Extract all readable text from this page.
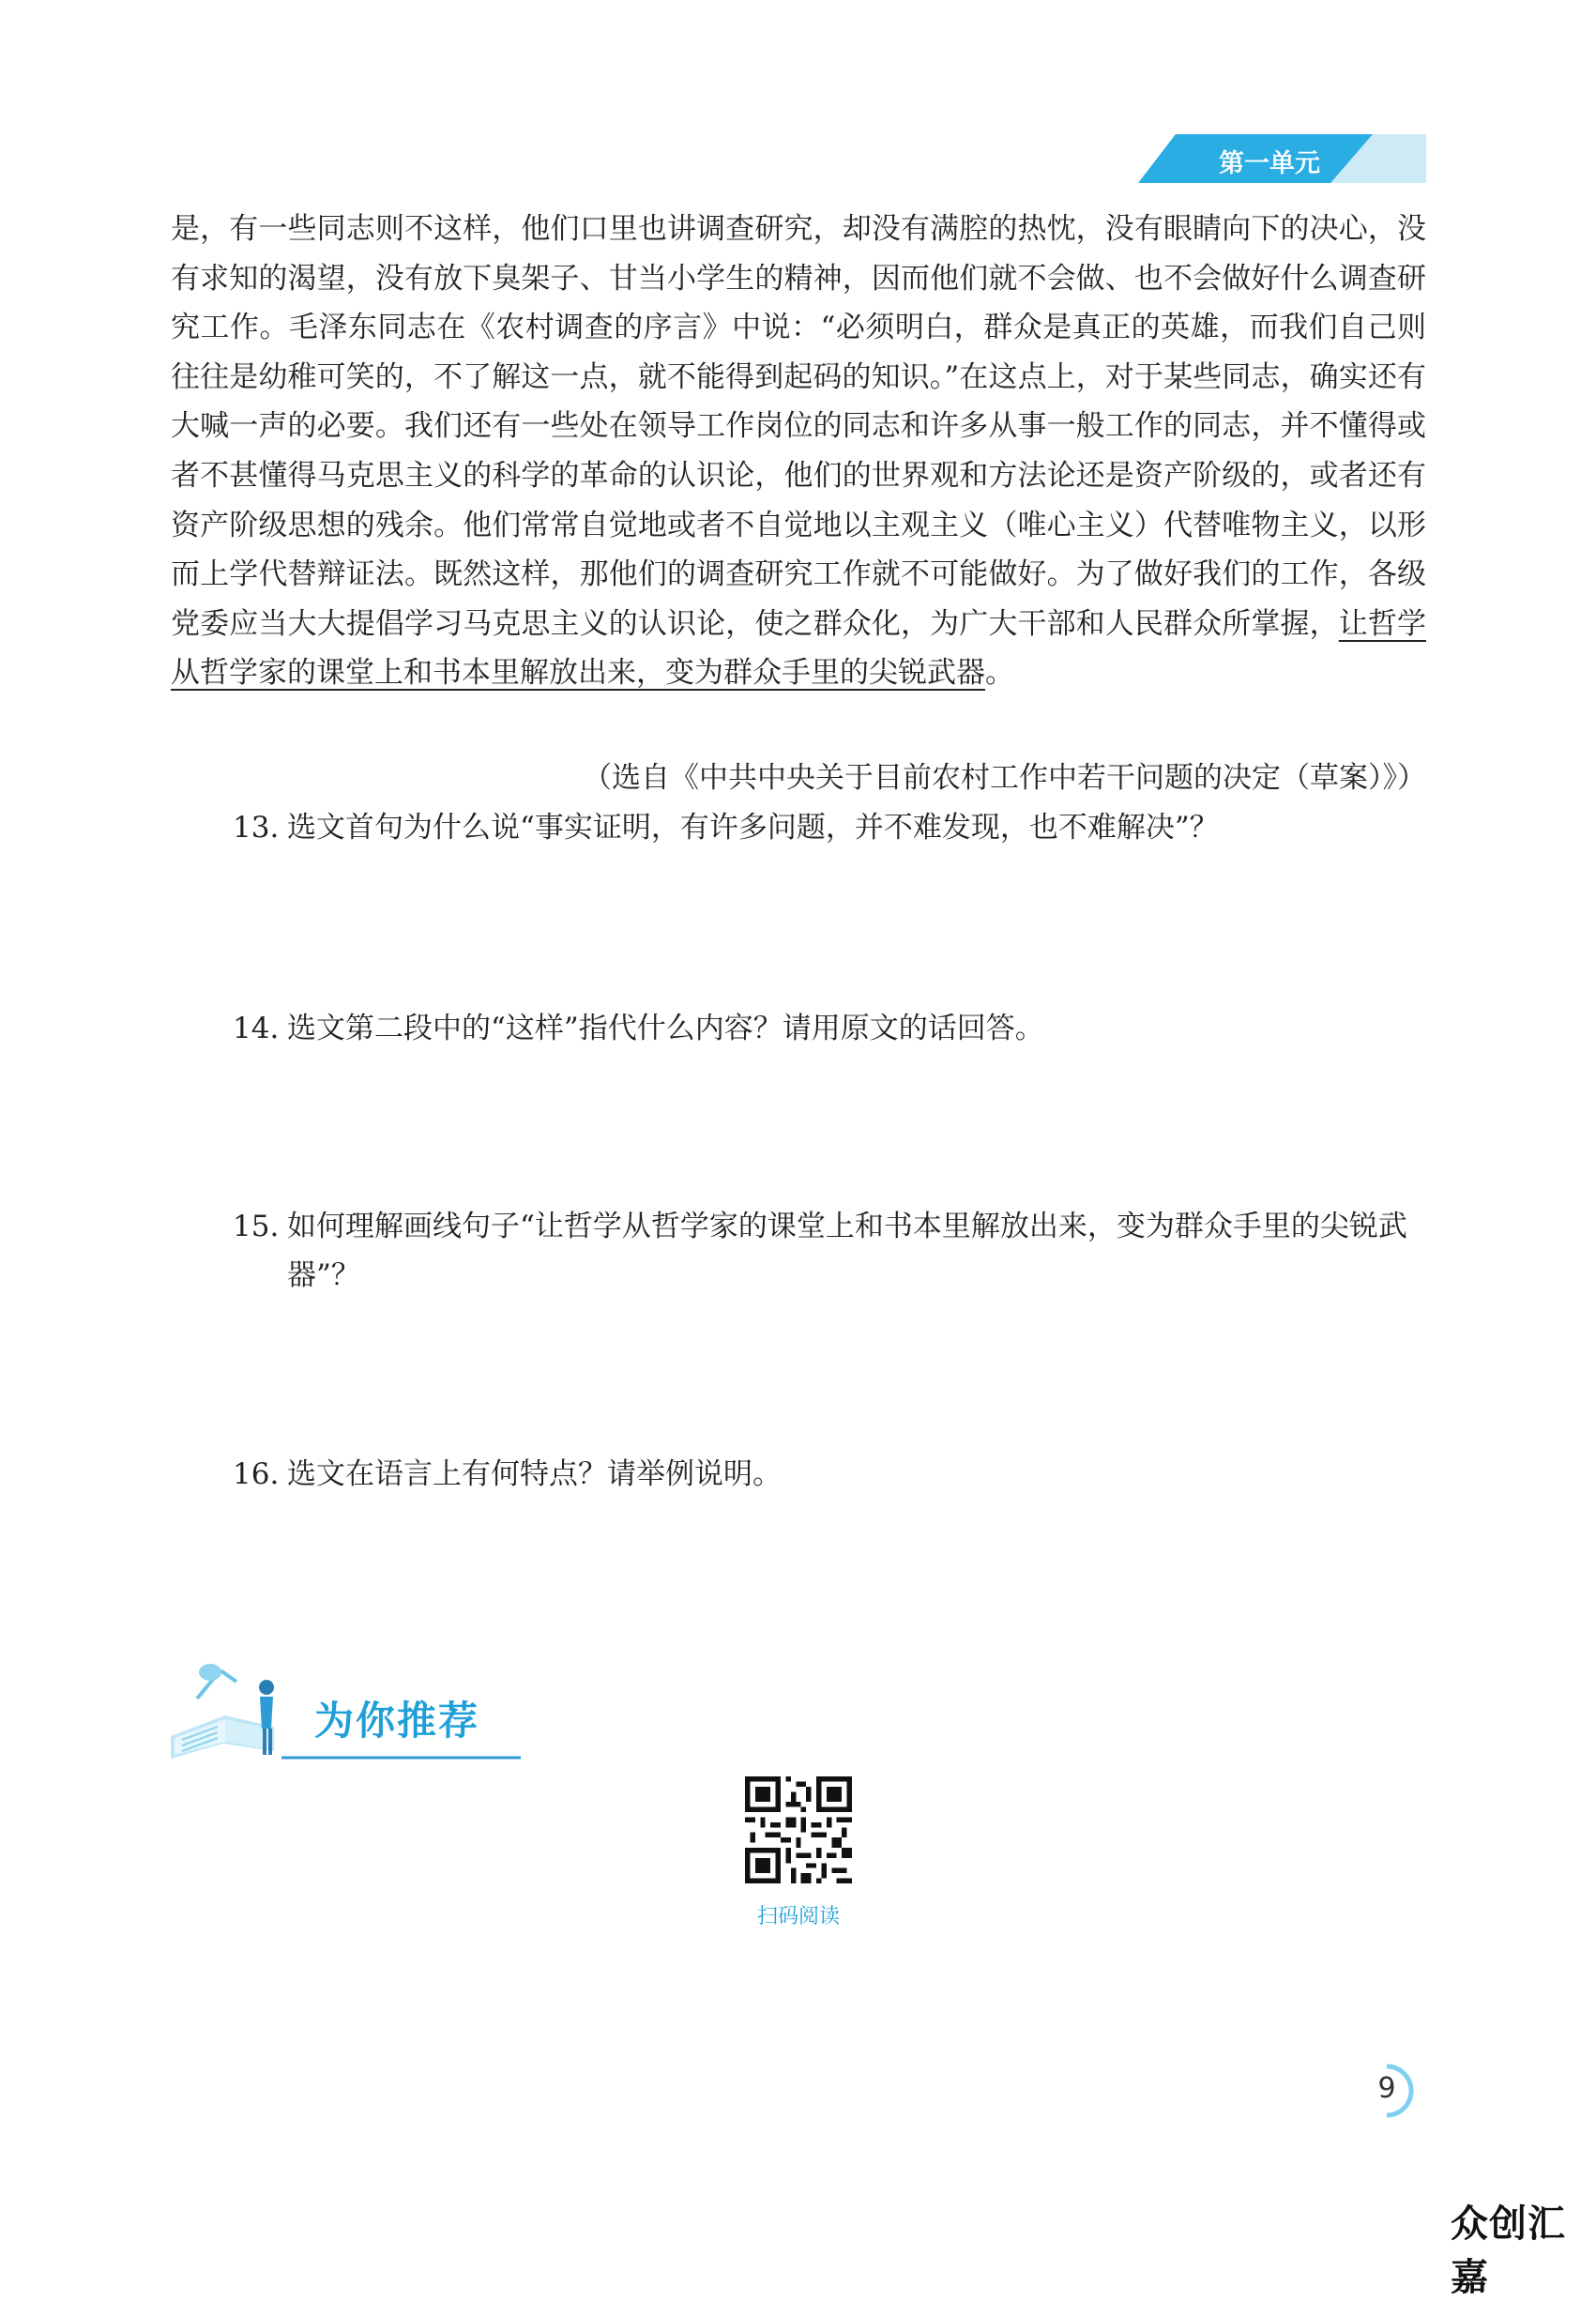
第一单元

是，有一些同志则不这样，他们口里也讲调查研究，却没有满腔的热忱，没有眼睛向下的决心，没有求知的渴望，没有放下臭架子、甘当小学生的精神，因而他们就不会做、也不会做好什么调查研究工作。毛泽东同志在《农村调查的序言》中说：“必须明白，群众是真正的英雄，而我们自己则往往是幼稚可笑的，不了解这一点，就不能得到起码的知识。”在这点上，对于某些同志，确实还有大喊一声的必要。我们还有一些处在领导工作岗位的同志和许多从事一般工作的同志，并不懂得或者不甚懂得马克思主义的科学的革命的认识论，他们的世界观和方法论还是资产阶级的，或者还有资产阶级思想的残余。他们常常自觉地或者不自觉地以主观主义（唯心主义）代替唯物主义，以形而上学代替辩证法。既然这样，那他们的调查研究工作就不可能做好。为了做好我们的工作，各级党委应当大大提倡学习马克思主义的认识论，使之群众化，为广大干部和人民群众所掌握，让哲学从哲学家的课堂上和书本里解放出来，变为群众手里的尖锐武器。

（选自《中共中央关于目前农村工作中若干问题的决定（草案）》）
13. 选文首句为什么说“事实证明，有许多问题，并不难发现，也不难解决”？
14. 选文第二段中的“这样”指代什么内容？请用原文的话回答。
15. 如何理解画线句子“让哲学从哲学家的课堂上和书本里解放出来，变为群众手里的尖锐武器”？
16. 选文在语言上有何特点？请举例说明。
为你推荐
扫码阅读
9
众创汇嘉
